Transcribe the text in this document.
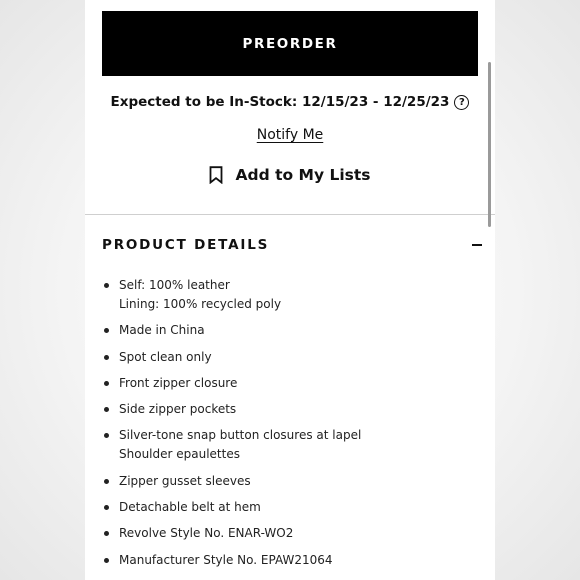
PREORDER
Expected to be In-Stock: 12/15/23 - 12/25/23 ?
Notify Me
Add to My Lists
PRODUCT DETAILS
Self: 100% leather
Lining: 100% recycled poly
Made in China
Spot clean only
Front zipper closure
Side zipper pockets
Silver-tone snap button closures at lapel
Shoulder epaulettes
Zipper gusset sleeves
Detachable belt at hem
Revolve Style No. ENAR-WO2
Manufacturer Style No. EPAW21064
